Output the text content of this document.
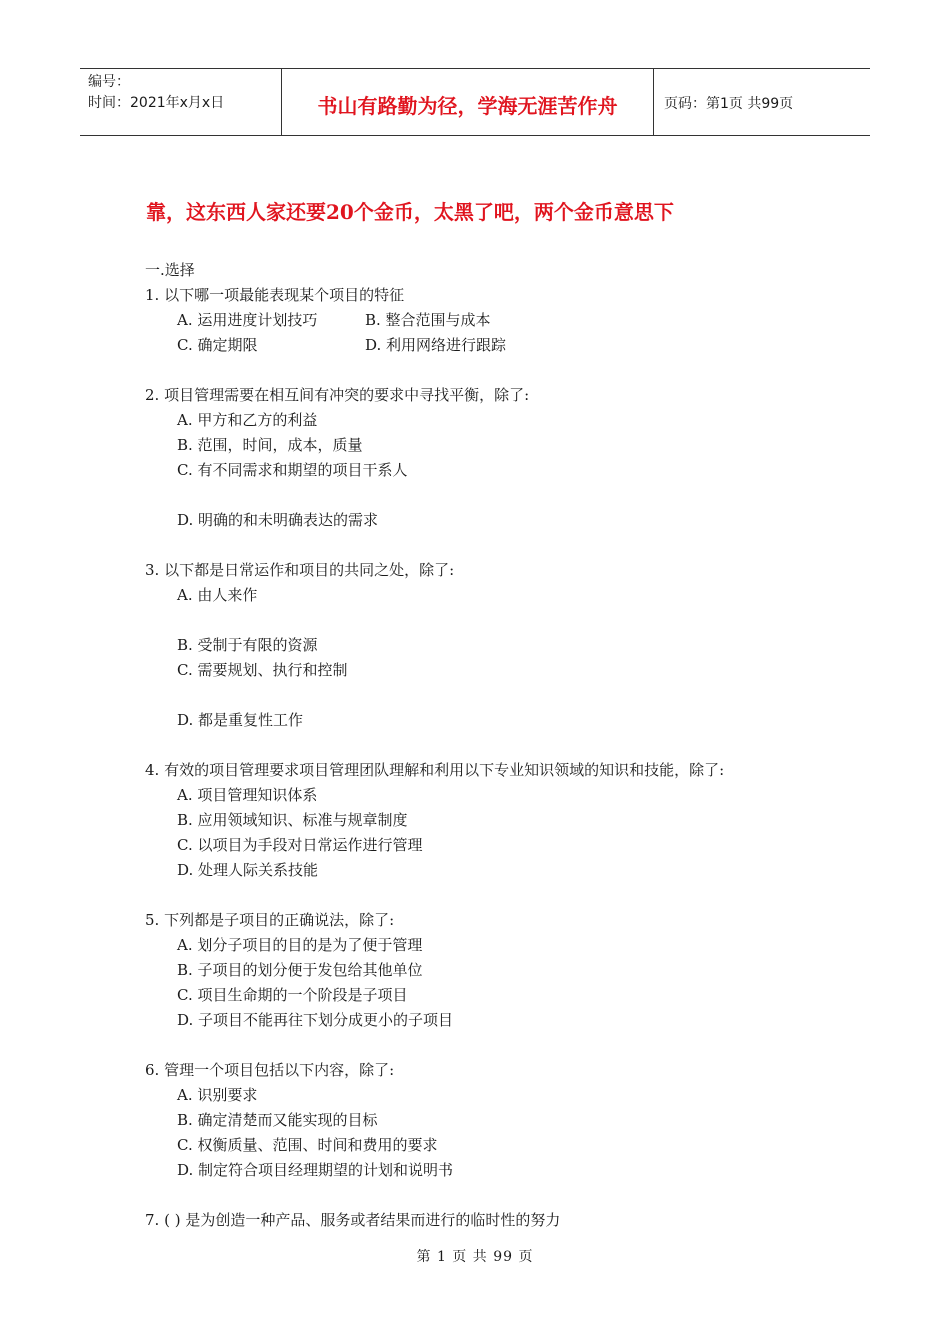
编号：
时间：2021年x月x日	书山有路勤为径，学海无涯苦作舟	页码：第1页 共99页
靠，这东西人家还要20个金币，太黑了吧，两个金币意思下
一.选择
1. 以下哪一项最能表现某个项目的特征
A. 运用进度计划技巧	B. 整合范围与成本
C. 确定期限	D. 利用网络进行跟踪
2. 项目管理需要在相互间有冲突的要求中寻找平衡，除了:
A. 甲方和乙方的利益
B. 范围，时间，成本，质量
C. 有不同需求和期望的项目干系人
D. 明确的和未明确表达的需求
3. 以下都是日常运作和项目的共同之处，除了:
A. 由人来作
B. 受制于有限的资源
C. 需要规划、执行和控制
D. 都是重复性工作
4. 有效的项目管理要求项目管理团队理解和利用以下专业知识领域的知识和技能，除了:
A. 项目管理知识体系
B. 应用领域知识、标准与规章制度
C. 以项目为手段对日常运作进行管理
D. 处理人际关系技能
5. 下列都是子项目的正确说法，除了:
A. 划分子项目的目的是为了便于管理
B. 子项目的划分便于发包给其他单位
C. 项目生命期的一个阶段是子项目
D. 子项目不能再往下划分成更小的子项目
6. 管理一个项目包括以下内容，除了:
A. 识别要求
B. 确定清楚而又能实现的目标
C. 权衡质量、范围、时间和费用的要求
D. 制定符合项目经理期望的计划和说明书
7. ( ) 是为创造一种产品、服务或者结果而进行的临时性的努力
第 1 页 共 99 页
